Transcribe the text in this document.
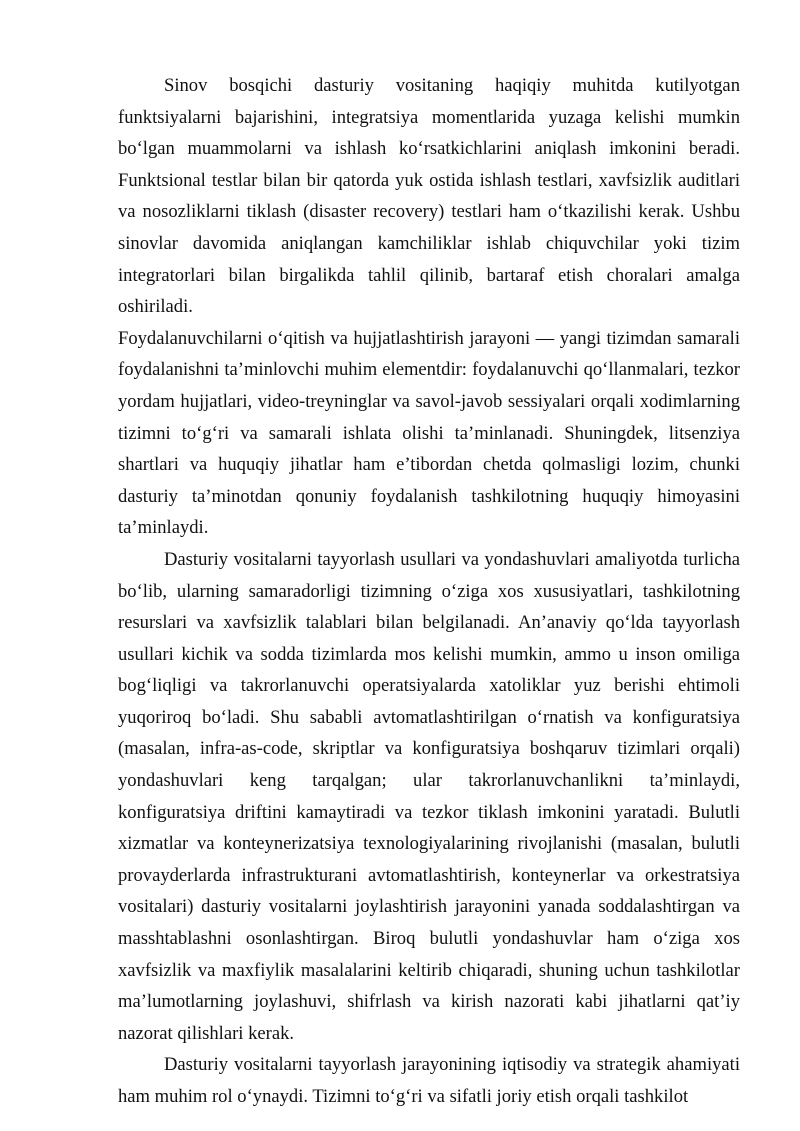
Sinov bosqichi dasturiy vositaning haqiqiy muhitda kutilyotgan funktsiyalarni bajarishini, integratsiya momentlarida yuzaga kelishi mumkin bo‘lgan muammolarni va ishlash ko‘rsatkichlarini aniqlash imkonini beradi. Funktsional testlar bilan bir qatorda yuk ostida ishlash testlari, xavfsizlik auditlari va nosozliklarni tiklash (disaster recovery) testlari ham o‘tkazilishi kerak. Ushbu sinovlar davomida aniqlangan kamchiliklar ishlab chiquvchilar yoki tizim integratorlari bilan birgalikda tahlil qilinib, bartaraf etish choralari amalga oshiriladi.

Foydalanuvchilarni o‘qitish va hujjatlashtirish jarayoni — yangi tizimdan samarali foydalanishni ta’minlovchi muhim elementdir: foydalanuvchi qo‘llanmalari, tezkor yordam hujjatlari, video-treyninglar va savol-javob sessiyalari orqali xodimlarning tizimni to‘g‘ri va samarali ishlata olishi ta’minlanadi. Shuningdek, litsenziya shartlari va huquqiy jihatlar ham e’tibordan chetda qolmasligi lozim, chunki dasturiy ta’minotdan qonuniy foydalanish tashkilotning huquqiy himoyasini ta’minlaydi.

Dasturiy vositalarni tayyorlash usullari va yondashuvlari amaliyotda turlicha bo‘lib, ularning samaradorligi tizimning o‘ziga xos xususiyatlari, tashkilotning resurslari va xavfsizlik talablari bilan belgilanadi. An’anaviy qo‘lda tayyorlash usullari kichik va sodda tizimlarda mos kelishi mumkin, ammo u inson omiliga bog‘liqligi va takrorlanuvchi operatsiyalarda xatoliklar yuz berishi ehtimoli yuqoriroq bo‘ladi. Shu sababli avtomatlashtirilgan o‘rnatish va konfiguratsiya (masalan, infra-as-code, skriptlar va konfiguratsiya boshqaruv tizimlari orqali) yondashuvlari keng tarqalgan; ular takrorlanuvchanlikni ta’minlaydi, konfiguratsiya driftini kamaytiradi va tezkor tiklash imkonini yaratadi. Bulutli xizmatlar va konteynerizatsiya texnologiyalarining rivojlanishi (masalan, bulutli provayderlarda infrastrukturani avtomatlashtirish, konteynerlar va orkestratsiya vositalari) dasturiy vositalarni joylashtirish jarayonini yanada soddalashtirgan va masshtablashni osonlashtirgan. Biroq bulutli yondashuvlar ham o‘ziga xos xavfsizlik va maxfiylik masalalarini keltirib chiqaradi, shuning uchun tashkilotlar ma’lumotlarning joylashuvi, shifrlash va kirish nazorati kabi jihatlarni qat’iy nazorat qilishlari kerak.

Dasturiy vositalarni tayyorlash jarayonining iqtisodiy va strategik ahamiyati ham muhim rol o‘ynaydi. Tizimni to‘g‘ri va sifatli joriy etish orqali tashkilot
